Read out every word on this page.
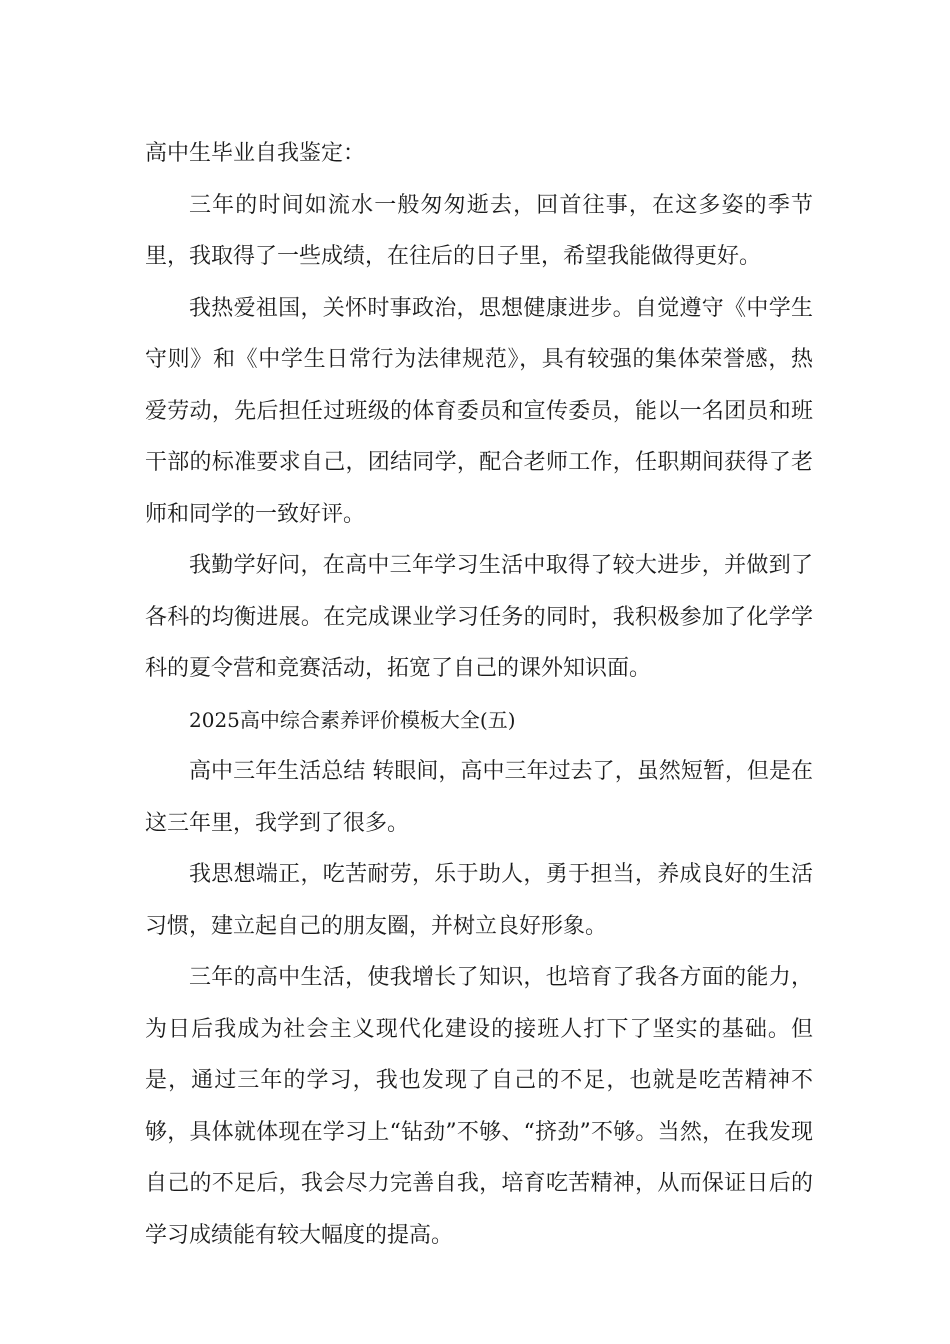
高中生毕业自我鉴定：

三年的时间如流水一般匆匆逝去，回首往事，在这多姿的季节里，我取得了一些成绩，在往后的日子里，希望我能做得更好。

我热爱祖国，关怀时事政治，思想健康进步。自觉遵守《中学生守则》和《中学生日常行为法律规范》，具有较强的集体荣誉感，热爱劳动，先后担任过班级的体育委员和宣传委员，能以一名团员和班干部的标准要求自己，团结同学，配合老师工作，任职期间获得了老师和同学的一致好评。

我勤学好问，在高中三年学习生活中取得了较大进步，并做到了各科的均衡进展。在完成课业学习任务的同时，我积极参加了化学学科的夏令营和竞赛活动，拓宽了自己的课外知识面。

2025高中综合素养评价模板大全(五)

高中三年生活总结 转眼间，高中三年过去了，虽然短暂，但是在这三年里，我学到了很多。

我思想端正，吃苦耐劳，乐于助人，勇于担当，养成良好的生活习惯，建立起自己的朋友圈，并树立良好形象。

三年的高中生活，使我增长了知识，也培育了我各方面的能力，为日后我成为社会主义现代化建设的接班人打下了坚实的基础。但是，通过三年的学习，我也发现了自己的不足，也就是吃苦精神不够，具体就体现在学习上“钻劲”不够、“挤劲”不够。当然，在我发现自己的不足后，我会尽力完善自我，培育吃苦精神，从而保证日后的学习成绩能有较大幅度的提高。
